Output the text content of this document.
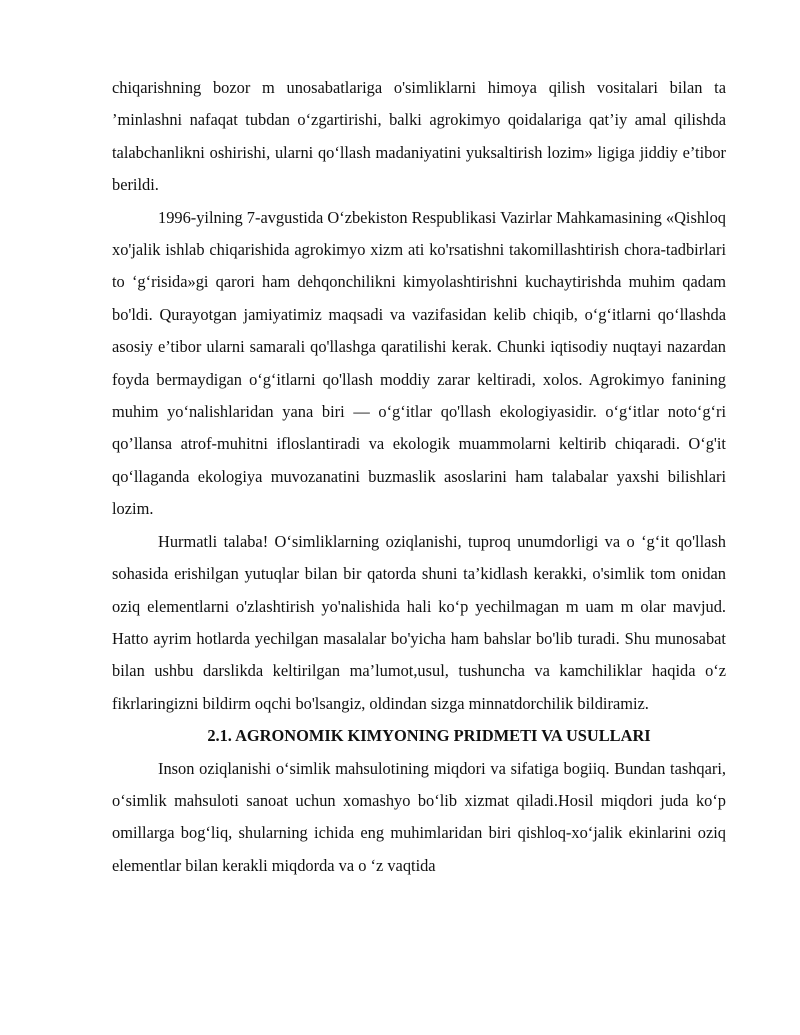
chiqarishning bozor m unosabatlariga o'simliklarni himoya qilish vositalari bilan ta ’minlashni nafaqat tubdan o‘zgartirishi, balki agrokimyo qoidalariga qat’iy amal qilishda talabchanlikni oshirishi, ularni qo‘llash madaniyatini yuksaltirish lozim» ligiga jiddiy e’tibor berildi.

1996-yilning 7-avgustida O‘zbekiston Respublikasi Vazirlar Mahkamasining «Qishloq xo'jalik ishlab chiqarishida agrokimyo xizm ati ko'rsatishni takomillashtirish chora-tadbirlari to ‘g‘risida»gi qarori ham dehqonchilikni kimyolashtirishni kuchaytirishda muhim qadam bo'ldi. Qurayotgan jamiyatimiz maqsadi va vazifasidan kelib chiqib, o‘g‘itlarni qo‘llashda asosiy e’tibor ularni samarali qo'llashga qaratilishi kerak. Chunki iqtisodiy nuqtayi nazardan foyda bermaydigan o‘g‘itlarni qo'llash moddiy zarar keltiradi, xolos. Agrokimyo fanining muhim yo‘nalishlaridan yana biri — o‘g‘itlar qo'llash ekologiyasidir. o‘g‘itlar noto‘g‘ri qo’llansa atrof-muhitni ifloslantiradi va ekologik muammolarni keltirib chiqaradi. O‘g'it qo‘llaganda ekologiya muvozanatini buzmaslik asoslarini ham talabalar yaxshi bilishlari lozim.

Hurmatli talaba! O‘simliklarning oziqlanishi, tuproq unumdorligi va o ‘g‘it qo'llash sohasida erishilgan yutuqlar bilan bir qatorda shuni ta’kidlash kerakki, o'simlik tom onidan oziq elementlarni o'zlashtirish yo'nalishida hali ko‘p yechilmagan m uam m olar mavjud. Hatto ayrim hotlarda yechilgan masalalar bo'yicha ham bahslar bo'lib turadi. Shu munosabat bilan ushbu darslikda keltirilgan ma’lumot,usul, tushuncha va kamchiliklar haqida o‘z fikrlaringizni bildirm oqchi bo'lsangiz, oldindan sizga minnatdorchilik bildiramiz.

2.1. AGRONOMIK KIMYONING PRIDMETI VA USULLARI

Inson oziqlanishi o‘simlik mahsulotining miqdori va sifatiga bogiiq. Bundan tashqari, o‘simlik mahsuloti sanoat uchun xomashyo bo‘lib xizmat qiladi.Hosil miqdori juda ko‘p omillarga bog‘liq, shularning ichida eng muhimlaridan biri qishloq-xo‘jalik ekinlarini oziq elementlar bilan kerakli miqdorda va o ‘z vaqtida
